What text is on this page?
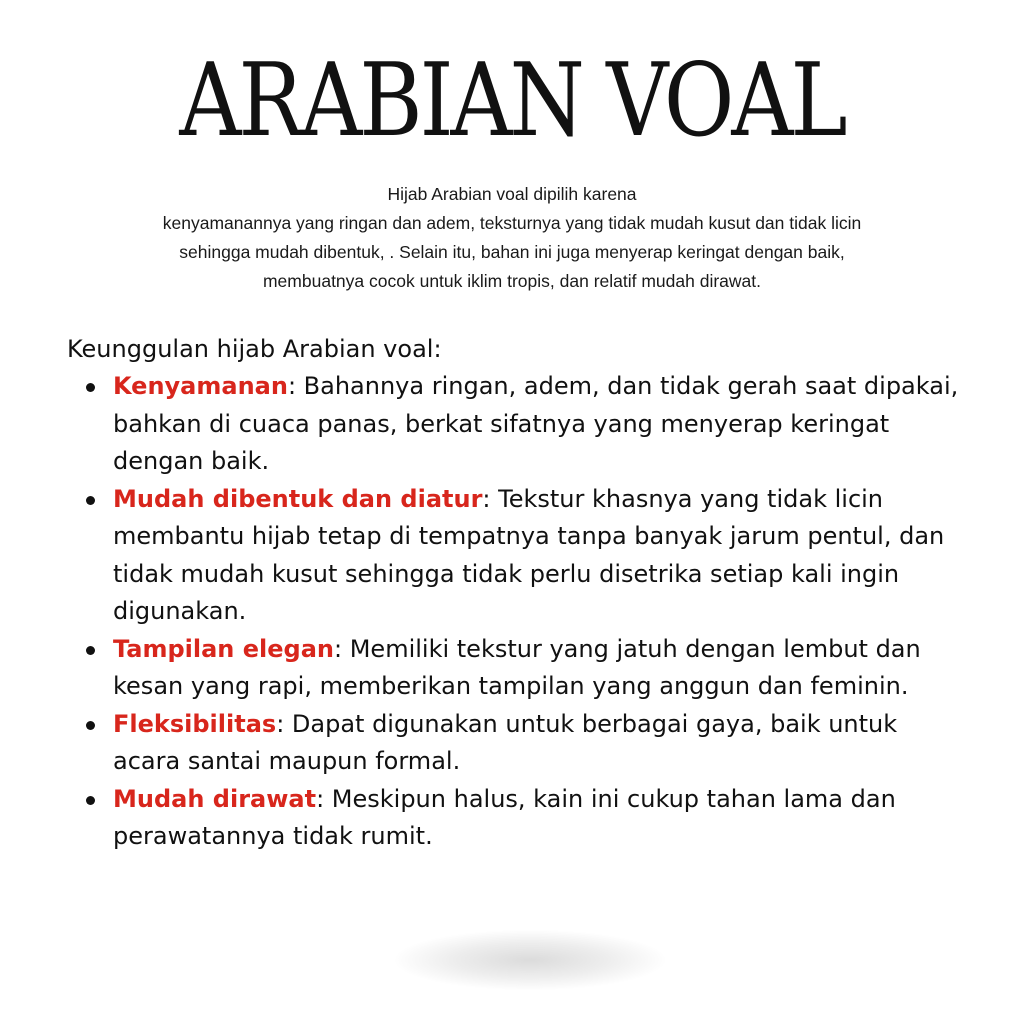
ARABIAN VOAL
Hijab Arabian voal dipilih karena
kenyamanannya yang ringan dan adem, teksturnya yang tidak mudah kusut dan tidak licin
sehingga mudah dibentuk, . Selain itu, bahan ini juga menyerap keringat dengan baik,
membuatnya cocok untuk iklim tropis, dan relatif mudah dirawat.
Keunggulan hijab Arabian voal:
Kenyamanan: Bahannya ringan, adem, dan tidak gerah saat dipakai, bahkan di cuaca panas, berkat sifatnya yang menyerap keringat dengan baik.
Mudah dibentuk dan diatur: Tekstur khasnya yang tidak licin membantu hijab tetap di tempatnya tanpa banyak jarum pentul, dan tidak mudah kusut sehingga tidak perlu disetrika setiap kali ingin digunakan.
Tampilan elegan: Memiliki tekstur yang jatuh dengan lembut dan kesan yang rapi, memberikan tampilan yang anggun dan feminin.
Fleksibilitas: Dapat digunakan untuk berbagai gaya, baik untuk acara santai maupun formal.
Mudah dirawat: Meskipun halus, kain ini cukup tahan lama dan perawatannya tidak rumit.
